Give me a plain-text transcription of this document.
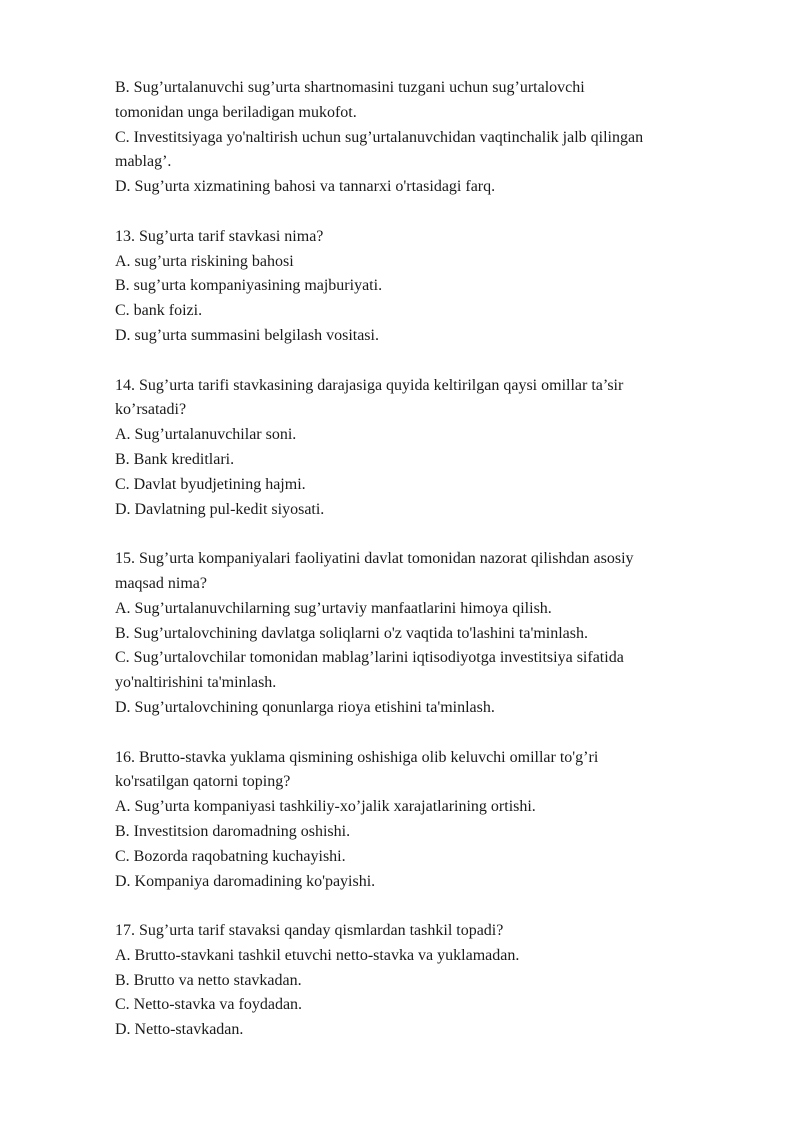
B. Sug’urtalanuvchi sug’urta shartnomasini tuzgani uchun sug’urtalovchi

tomonidan unga beriladigan mukofot.

C. Investitsiyaga yo'naltirish uchun sug’urtalanuvchidan vaqtinchalik jalb qilingan

mablag’.

D. Sug’urta xizmatining bahosi va tannarxi o'rtasidagi farq.

13. Sug’urta tarif stavkasi nima?

A. sug’urta riskining bahosi

B. sug’urta kompaniyasining majburiyati.

C. bank foizi.

D. sug’urta summasini belgilash vositasi.

14. Sug’urta tarifi stavkasining darajasiga quyida keltirilgan qaysi omillar ta’sir

ko’rsatadi?

A. Sug’urtalanuvchilar soni.

B. Bank kreditlari.

C. Davlat byudjetining hajmi.

D. Davlatning pul-kedit siyosati.

15. Sug’urta kompaniyalari faoliyatini davlat tomonidan nazorat qilishdan asosiy

maqsad nima?

A. Sug’urtalanuvchilarning sug’urtaviy manfaatlarini himoya qilish.

B. Sug’urtalovchining davlatga soliqlarni o'z vaqtida to'lashini ta'minlash.

C. Sug’urtalovchilar tomonidan mablag’larini iqtisodiyotga investitsiya sifatida

yo'naltirishini ta'minlash.

D. Sug’urtalovchining qonunlarga rioya etishini ta'minlash.

16. Brutto-stavka yuklama qismining oshishiga olib keluvchi omillar to'g’ri

ko'rsatilgan qatorni toping?

A. Sug’urta kompaniyasi tashkiliy-xo’jalik xarajatlarining ortishi.

B. Investitsion daromadning oshishi.

C. Bozorda raqobatning kuchayishi.

D. Kompaniya daromadining ko'payishi.

17. Sug’urta tarif stavaksi qanday qismlardan tashkil topadi?

A. Brutto-stavkani tashkil etuvchi netto-stavka va yuklamadan.

B. Brutto va netto stavkadan.

C. Netto-stavka va foydadan.

D. Netto-stavkadan.
